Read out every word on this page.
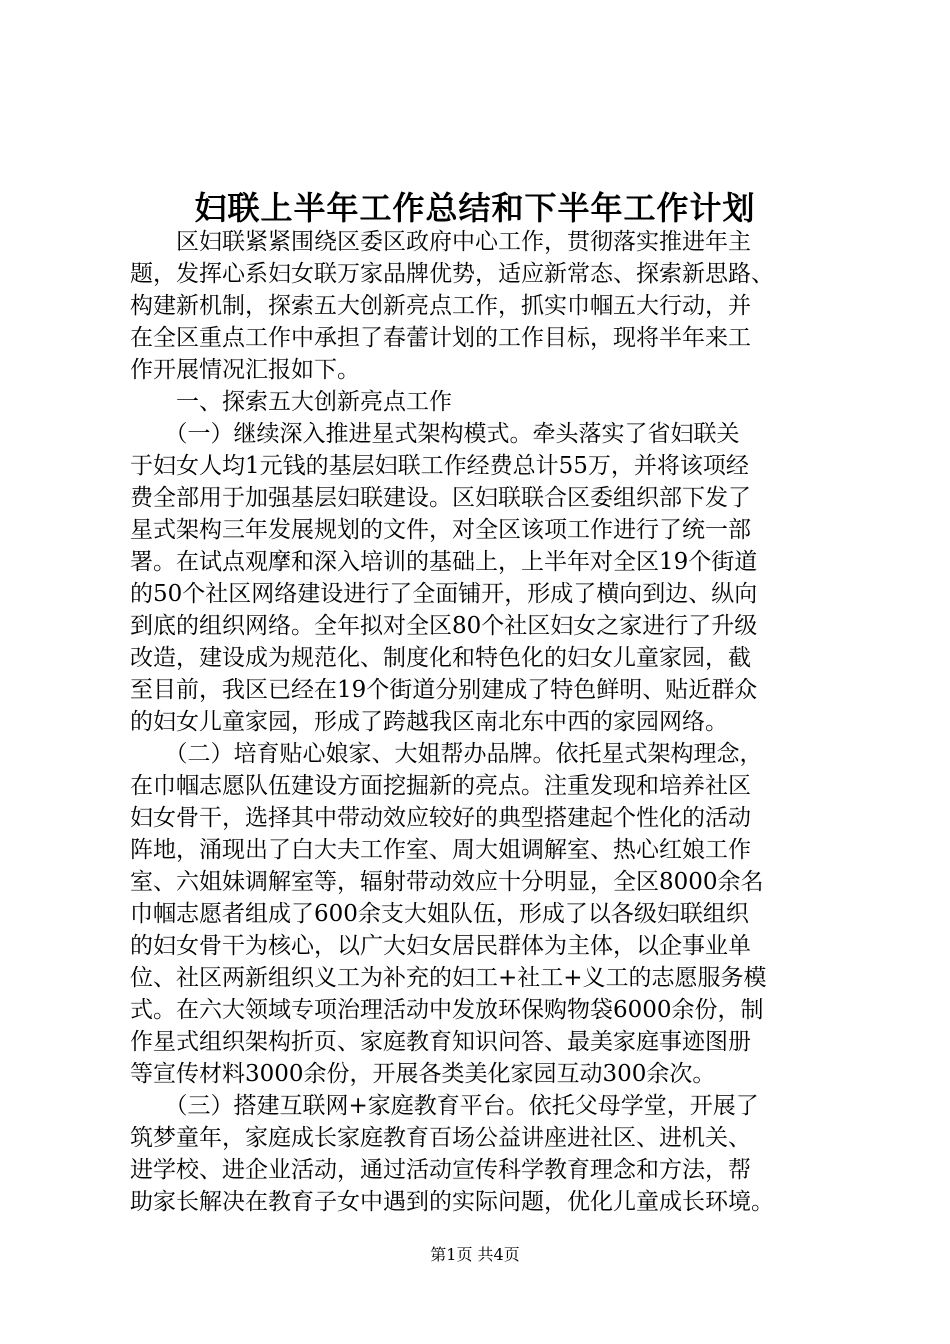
妇联上半年工作总结和下半年工作计划
　　区妇联紧紧围绕区委区政府中心工作，贯彻落实推进年主
题，发挥心系妇女联万家品牌优势，适应新常态、探索新思路、
构建新机制，探索五大创新亮点工作，抓实巾帼五大行动，并
在全区重点工作中承担了春蕾计划的工作目标，现将半年来工
作开展情况汇报如下。
　　一、探索五大创新亮点工作
　　（一）继续深入推进星式架构模式。牵头落实了省妇联关
于妇女人均1元钱的基层妇联工作经费总计55万，并将该项经
费全部用于加强基层妇联建设。区妇联联合区委组织部下发了
星式架构三年发展规划的文件，对全区该项工作进行了统一部
署。在试点观摩和深入培训的基础上，上半年对全区19个街道
的50个社区网络建设进行了全面铺开，形成了横向到边、纵向
到底的组织网络。全年拟对全区80个社区妇女之家进行了升级
改造，建设成为规范化、制度化和特色化的妇女儿童家园，截
至目前，我区已经在19个街道分别建成了特色鲜明、贴近群众
的妇女儿童家园，形成了跨越我区南北东中西的家园网络。
　　（二）培育贴心娘家、大姐帮办品牌。依托星式架构理念，
在巾帼志愿队伍建设方面挖掘新的亮点。注重发现和培养社区
妇女骨干，选择其中带动效应较好的典型搭建起个性化的活动
阵地，涌现出了白大夫工作室、周大姐调解室、热心红娘工作
室、六姐妹调解室等，辐射带动效应十分明显，全区8000余名
巾帼志愿者组成了600余支大姐队伍，形成了以各级妇联组织
的妇女骨干为核心，以广大妇女居民群体为主体，以企事业单
位、社区两新组织义工为补充的妇工+社工+义工的志愿服务模
式。在六大领域专项治理活动中发放环保购物袋6000余份，制
作星式组织架构折页、家庭教育知识问答、最美家庭事迹图册
等宣传材料3000余份，开展各类美化家园互动300余次。
　　（三）搭建互联网+家庭教育平台。依托父母学堂，开展了
筑梦童年，家庭成长家庭教育百场公益讲座进社区、进机关、
进学校、进企业活动，通过活动宣传科学教育理念和方法，帮
助家长解决在教育子女中遇到的实际问题，优化儿童成长环境。
第1页 共4页
